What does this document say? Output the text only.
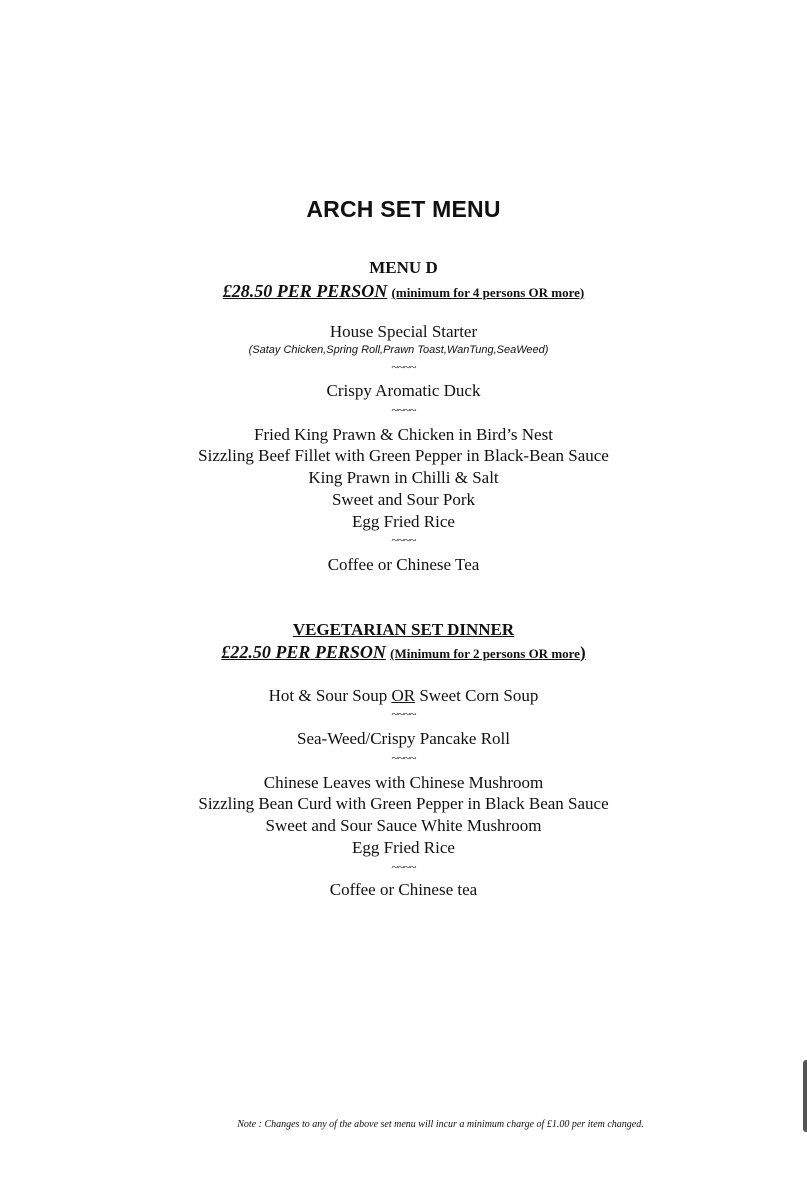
ARCH SET MENU
MENU D
£28.50 PER PERSON (minimum for 4 persons OR more)
House Special Starter
(Satay Chicken,Spring Roll,Prawn Toast,WanTung,SeaWeed)
~~~~
Crispy Aromatic Duck
~~~~
Fried King Prawn & Chicken in Bird’s Nest
Sizzling Beef Fillet with Green Pepper in Black-Bean Sauce
King Prawn in Chilli & Salt
Sweet and Sour Pork
Egg Fried Rice
~~~~
Coffee or Chinese Tea
VEGETARIAN SET DINNER
£22.50 PER PERSON (Minimum for 2 persons OR more)
Hot & Sour Soup OR Sweet Corn Soup
~~~~
Sea-Weed/Crispy Pancake Roll
~~~~
Chinese Leaves with Chinese Mushroom
Sizzling Bean Curd with Green Pepper in Black Bean Sauce
Sweet and Sour Sauce White Mushroom
Egg Fried Rice
~~~~
Coffee or Chinese tea
Note : Changes to any of the above set menu will incur a minimum charge of £1.00 per item changed.
